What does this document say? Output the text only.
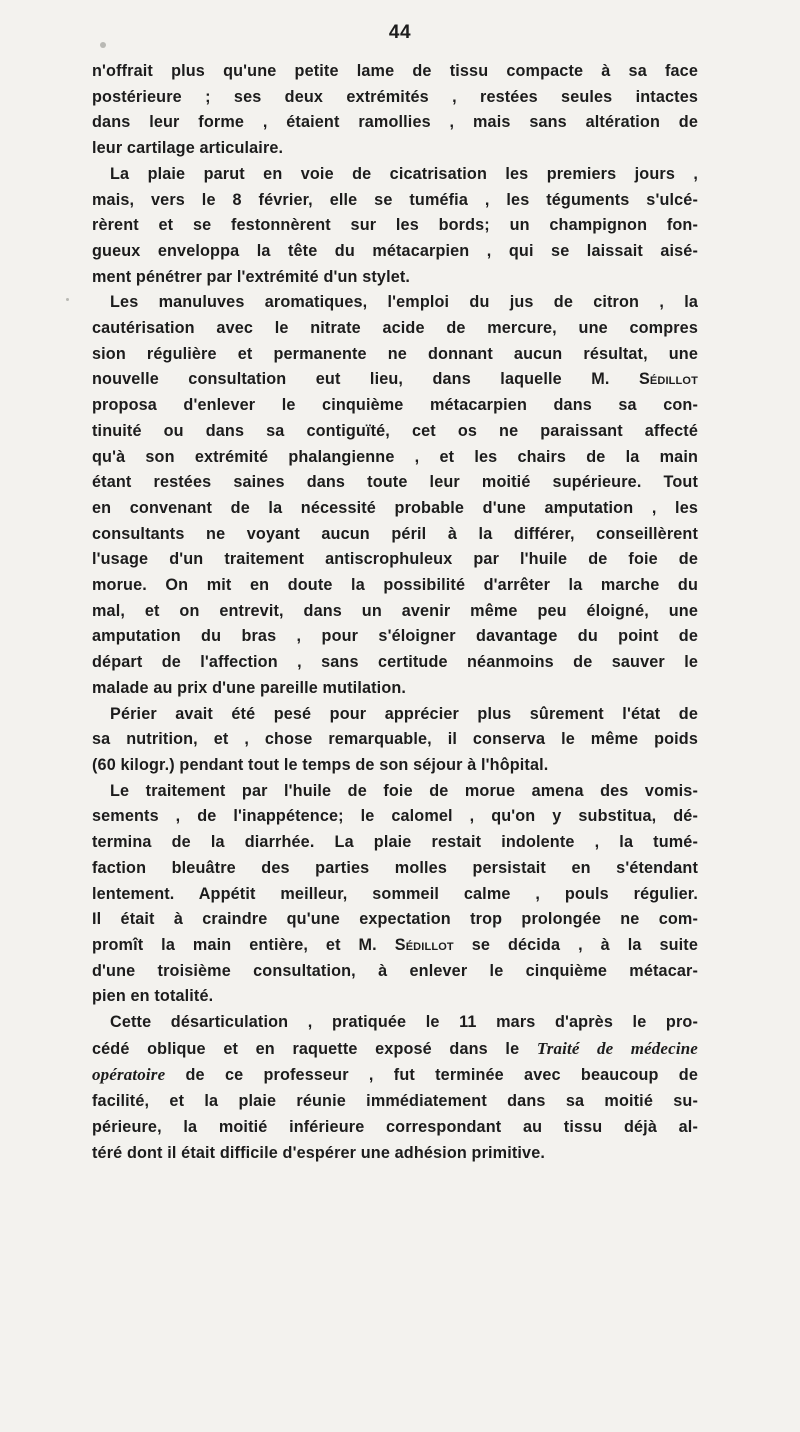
44
n'offrait plus qu'une petite lame de tissu compacte à sa face
postérieure ; ses deux extrémités , restées seules intactes
dans leur forme , étaient ramollies , mais sans altération de
leur cartilage articulaire.
La plaie parut en voie de cicatrisation les premiers jours ,
mais, vers le 8 février, elle se tuméfia , les téguments s'ulcé-
rèrent et se festonnèrent sur les bords; un champignon fon-
gueux enveloppa la tête du métacarpien , qui se laissait aisé-
ment pénétrer par l'extrémité d'un stylet.
Les manuluves aromatiques, l'emploi du jus de citron , la
cautérisation avec le nitrate acide de mercure, une compres
sion régulière et permanente ne donnant aucun résultat, une
nouvelle consultation eut lieu, dans laquelle M. Sédillot
proposa d'enlever le cinquième métacarpien dans sa con-
tinuité ou dans sa contiguïté, cet os ne paraissant affecté
qu'à son extrémité phalangienne , et les chairs de la main
étant restées saines dans toute leur moitié supérieure. Tout
en convenant de la nécessité probable d'une amputation , les
consultants ne voyant aucun péril à la différer, conseillèrent
l'usage d'un traitement antiscrophuleux par l'huile de foie de
morue. On mit en doute la possibilité d'arrêter la marche du
mal, et on entrevit, dans un avenir même peu éloigné, une
amputation du bras , pour s'éloigner davantage du point de
départ de l'affection , sans certitude néanmoins de sauver le
malade au prix d'une pareille mutilation.
Périer avait été pesé pour apprécier plus sûrement l'état de
sa nutrition, et , chose remarquable, il conserva le même poids
(60 kilogr.) pendant tout le temps de son séjour à l'hôpital.
Le traitement par l'huile de foie de morue amena des vomis-
sements , de l'inappétence; le calomel , qu'on y substitua, dé-
termina de la diarrhée. La plaie restait indolente , la tumé-
faction bleuâtre des parties molles persistait en s'étendant
lentement. Appétit meilleur, sommeil calme , pouls régulier.
Il était à craindre qu'une expectation trop prolongée ne com-
promît la main entière, et M. Sédillot se décida , à la suite
d'une troisième consultation, à enlever le cinquième métacar-
pien en totalité.
Cette désarticulation , pratiquée le 11 mars d'après le pro-
cédé oblique et en raquette exposé dans le Traité de médecine
opératoire de ce professeur , fut terminée avec beaucoup de
facilité, et la plaie réunie immédiatement dans sa moitié su-
périeure, la moitié inférieure correspondant au tissu déjà al-
téré dont il était difficile d'espérer une adhésion primitive.
